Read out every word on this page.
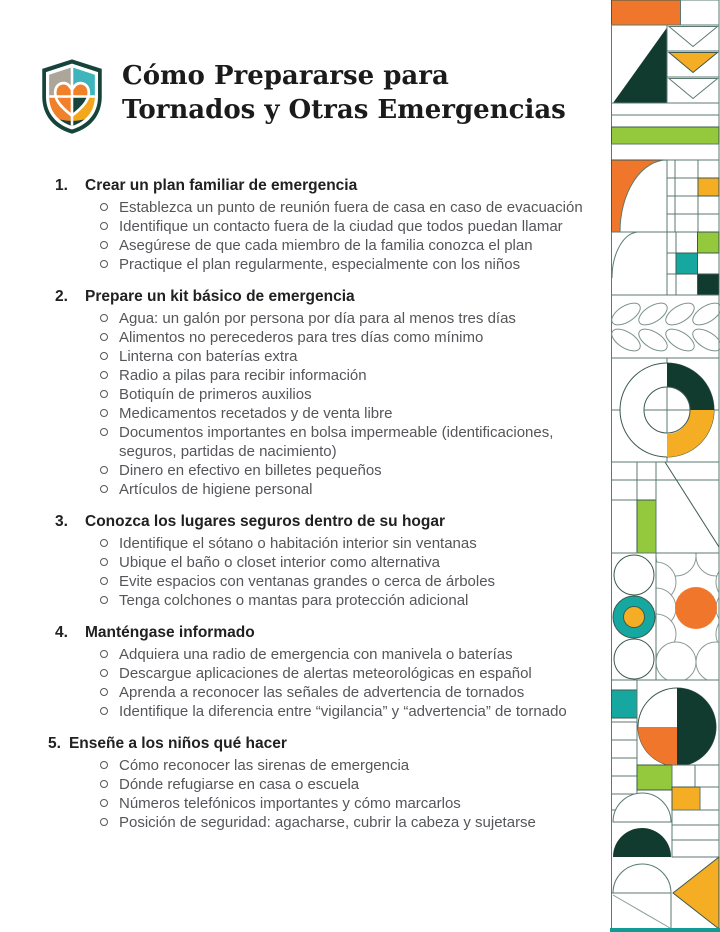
Cómo Prepararse para
Tornados y Otras Emergencias
1.	Crear un plan familiar de emergencia
Establezca un punto de reunión fuera de casa en caso de evacuación
Identifique un contacto fuera de la ciudad que todos puedan llamar
Asegúrese de que cada miembro de la familia conozca el plan
Practique el plan regularmente, especialmente con los niños
2.	Prepare un kit básico de emergencia
Agua: un galón por persona por día para al menos tres días
Alimentos no perecederos para tres días como mínimo
Linterna con baterías extra
Radio a pilas para recibir información
Botiquín de primeros auxilios
Medicamentos recetados y de venta libre
Documentos importantes en bolsa impermeable (identificaciones, seguros, partidas de nacimiento)
Dinero en efectivo en billetes pequeños
Artículos de higiene personal
3.	Conozca los lugares seguros dentro de su hogar
Identifique el sótano o habitación interior sin ventanas
Ubique el baño o closet interior como alternativa
Evite espacios con ventanas grandes o cerca de árboles
Tenga colchones o mantas para protección adicional
4.	Manténgase informado
Adquiera una radio de emergencia con manivela o baterías
Descargue aplicaciones de alertas meteorológicas en español
Aprenda a reconocer las señales de advertencia de tornados
Identifique la diferencia entre “vigilancia” y “advertencia” de tornado
5. Enseñe a los niños qué hacer
Cómo reconocer las sirenas de emergencia
Dónde refugiarse en casa o escuela
Números telefónicos importantes y cómo marcarlos
Posición de seguridad: agacharse, cubrir la cabeza y sujetarse
